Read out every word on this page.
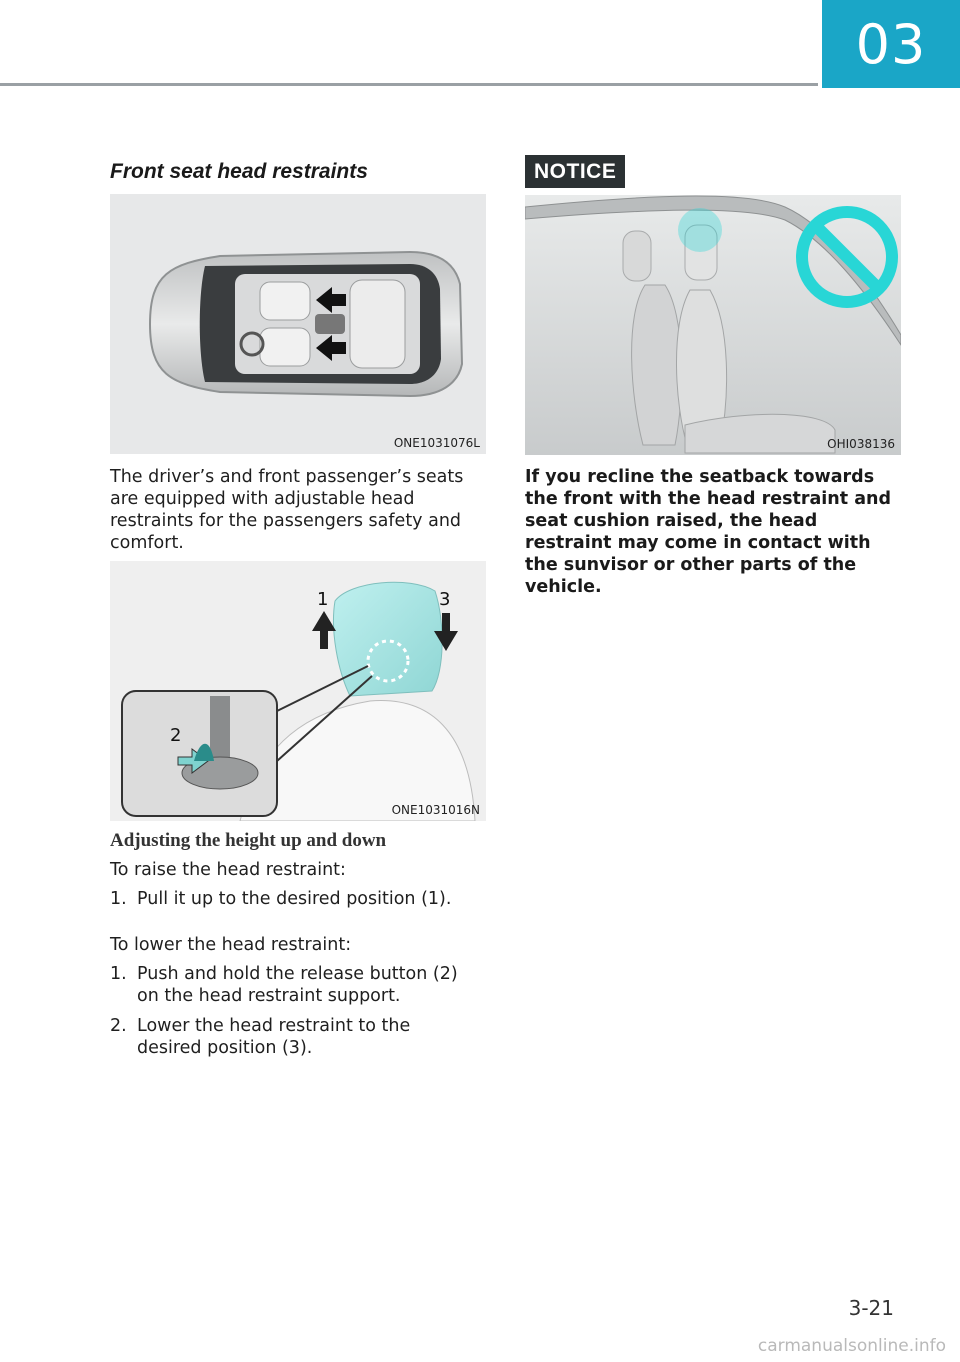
03
Front seat head restraints
ONE1031076L

The driver’s and front passenger’s seats are equipped with adjustable head restraints for the passengers safety and comfort.

2
1	3
ONE1031016N
Adjusting the height up and down

To raise the head restraint:

1. Pull it up to the desired position (1).

To lower the head restraint:

1. Push and hold the release button (2) on the head restraint support.
2. Lower the head restraint to the desired position (3).
NOTICE
OHI038136

If you recline the seatback towards the front with the head restraint and seat cushion raised, the head restraint may come in contact with the sunvisor or other parts of the vehicle.

3-21
carmanualsonline.info
